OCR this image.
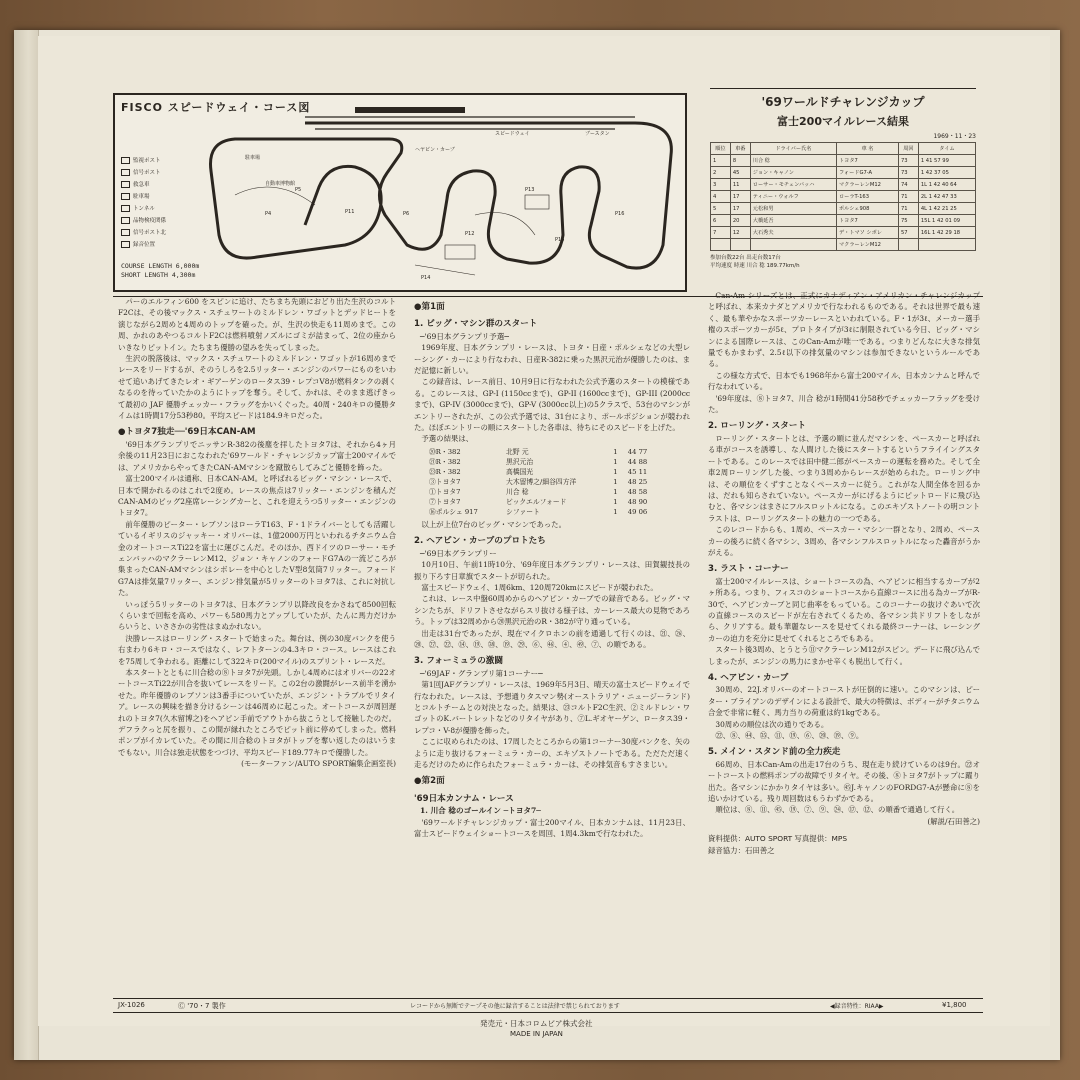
P14
P13
P15
P11	P16
P12
P4
P5
P6
スピードウェイ	ブースタン
ヘヤピン・カーブ
駐車場
自動車博物館
FISCO スピードウェイ・コース図
監視ポスト
信号ポスト
救急車
駐車場
トンネル
品物検疫関係
信号ポスト北
録音位置
COURSE LENGTH 6,000m
SHORT LENGTH 4,300m
'69ワールドチャレンジカップ
富士200マイルレース結果
1969・11・23
順位	車番	ドライバー氏名	車 名	周回	タイム
1	8	川合 稔	トヨタ7	73	1 41 57 99
2	45	ジョン・キャノン	フォードG7-A	73	1 42 37 05
3	11	ローサー・モチェンバッハ	マクラーレンM12	74	1L 1 42 40 64
4	17	ティニー・ウォルフ	ローラT-163	71	2L 1 42 47 33
5	17	元松和男	ポルシェ908	71	4L 1 42 21 25
6	20	大橋延吾	トヨタ7	75	15L 1 42 01 09
7	12	大石秀夫	デ・トマソ シボレ	57	16L 1 42 29 18
			マクラーレンM12		
参加台数22台 出走台数17台
平均速度 時速 川合 稔 189.77km/h

パーのエルフィン600 をスピンに追け、たちまち先頭におどり出た生沢のコルトF2Cは、その後マックス・スチュワートのミルドレン・ワゴットとデッドヒートを演じながら2周めと4周めのトップを確った。が、生沢の快走も11周めまで。この周、かれのあやつるコルトF2Cは燃料噴射ノズルにゴミが詰まって、2位の座からいきなりピットイン。たちまち優勝の望みを失ってしまった。

生沢の脱落後は、マックス・スチュワートのミルドレン・ワゴットが16周めまでレースをリードするが、そのうしろを2.5リッター・エンジンのパワーにものをいわせて追いあげてきたレオ・ギアーゲンのロータス39・レプコV8が燃料タンクの剥くなるのを待っていたかのようにトップを奪う。そして、かれは、そのまま逃げきって最初の JAF 優勝チェッカー・フラッグをかいくぐった。40周・240キロの優勝タイムは1時間17分53秒80。平均スピードは184.9キロだった。

●トヨタ7独走──'69日本CAN-AM

'69日本グランプリでニッサンR-382の後塵を拝したトヨタ7は、それから4ヶ月余後の11月23日におこなわれた'69ワールド・チャレンジカップ富士200マイルでは、アメリカからやってきたCAN-AMマシンを蹴散らしてみごと優勝を飾った。

富士200マイルは通称、日本CAN-AM。と呼ばれるビッグ・マシン・レースで、日本で開かれるのはこれで2度め。レースの焦点は7リッター・エンジンを積んだCAN-AMのビッグ2座席レーシングカーと、これを迎えうつ5リッター・エンジンのトヨタ7。

前年優勝のピーター・レブソンはローラT163、F・1ドライバーとしても活躍しているイギリスのジャッキー・オリバーは、1億2000万円といわれるチタニウム合金のオートコースTi22を富士に運びこんだ。そのほか、西ドイツのローサー・モチェンバッハのマクラーレンM12、ジョン・キャノンのフォードG7Aの一流どころが集まったCAN-AMマシンはシボレーを中心としたV型8気筒7リッター。フォードG7Aは排気量7リッター、エンジン排気量が5リッターのトヨタ7は、これに対抗した。

いっぽう5リッターのトヨタ7は、日本グランプリ以降改良をかさねて8500回転くらいまで回転を高め、パワーも580馬力とアップしていたが、たんに馬力だけからいうと、いささかの劣性はまぬかれない。

決勝レースはローリング・スタートで始まった。舞台は、例の30度バンクを使う右まわり6キロ・コースではなく、レフトターンの4.3キロ・コース。レースはこれを75周して争われる。距離にして322キロ(200マイル)のスプリント・レースだ。

本スタートとともに川合稔の⑧トヨタ7が先頭。しかし4周めにはオリバーの22オートコースTi22が川合を抜いてレースをリード。この2台の激闘がレース前半を湧かせた。昨年優勝のレブソンは3番手についていたが、エンジン・トラブルでリタイア。レースの興味を描き分けるシーンは46周めに起こった。オートコースが周回遅れのトヨタ7(久木留博之)をヘアピン手前でアウトから抜こうとして接触したのだ。デフラクっと尻を振り、この間が縁れたところでピット前に停めてしまった。燃料ポンプがイカレていた。その間に川合稔のトヨタがトップを奪い返したのはいうまでもない。川合は独走状態をつづけ、平均スピード189.77キロで優勝した。

(モーターファン/AUTO SPORT編集企画室長)

●第1面

1. ビッグ・マシン群のスタート

─'69日本グランプリ予選─

1969年度、日本グランプリ・レースは、トヨタ・日産・ポルシェなどの大型レーシング・カーにより行なわれ、日産R-382に乗った黒沢元治が優勝したのは、まだ記憶に新しい。

この録音は、レース前日、10月9日に行なわれた公式予選のスタートの模様である。このレースは、GP-I (1150ccまで)、GP-II (1600ccまで)、GP-III (2000ccまで)、GP-IV (3000ccまで)、GP-V (3000cc以上)の5クラスで、53台のマシンがエントリーされたが、この公式予選では、31台により、ポールポジションが競われた。ほぼエントリーの順にスタートした各車は、待ちにそのスピードを上げた。

予選の結果は、

⑳R・382	北野 元	1	44 77
㉑R・382	黒沢元治	1	44 88
㉓R・382	高橋国光	1	45 11
③トヨタ7	大木留博之/細谷四方洋	1	48 25
①トヨタ7	川合 稔	1	48 58
⑦トヨタ7	ビックエルフォード	1	48 90
⑯ポルシェ 917	シファート	1	49 06

以上が上位7台のビッグ・マシンであった。

2. ヘアピン・カーブのプロトたち

─'69日本グランプリー

10月10日、午前11時10分、'69年度日本グランプリ・レースは、田賀観技長の振り下ろす日章旗でスタートが切られた。

富士スピードウェイ、1周6km、120周720kmにスピードが競われた。

これは、レース中盤60周めからのヘアピン・カーブでの録音である。ビッグ・マシンたちが、ドリフトさせながらスリ抜ける様子は、カーレース最大の見物であろう。トップは32周めから⑳黒沢元治のR・382が守り通っている。

出走は31台であったが、現在マイクロホンの前を通過して行くのは、㉑、㉖、⑳、㉗、㉒、⑭、⑲、㊳、⑲、㉙、⑥、㊻、④、㊾、⑦、の順である。

3. フォーミュラの激闘

─'69JAF・グランプリ第1コーナー─

第1回JAFグランプリ・レースは、1969年5月3日、晴天の富士スピードウェイで行なわれた。レースは、予想通りタスマン勢(オーストラリア・ニュージーランド)とコルトチームとの対決となった。結果は、㉓コルトF2C生沢、②ミルドレン・ワゴットのK.バートレットなどのリタイヤがあり、⑦L.ギオヤーゲン、ロータス39・レプコ・V-8が優勝を飾った。

ここに収められたのは、17周したところからの第1コーナー30度バンクを、矢のように走り抜けるフォーミュラ・カーの、エキゾストノートである。ただただ速く走るだけのために作られたフォーミュラ・カーは、その排気音もすさまじい。

●第2面

'69日本カンナム・レース

1. 川合 稔のゴールイン ─トヨタ7─

'69ワールドチャレンジカップ・富士200マイル、日本カンナムは、11月23日、富士スピードウェイショートコースを周回、1周4.3kmで行なわれた。

Can-Am シリーズとは、正式にカナディアン・アメリカン・チャレンジカップと呼ばれ、本来カナダとアメリカで行なわれるものである。それは世界で最も速く、最も華やかなスポーツカーレースといわれている。F・1が3ℓ、メーカー選手権のスポーツカーが5ℓ、プロトタイプが3ℓに制限されている今日、ビッグ・マシンによる国際レースは、このCan-Amが唯一である。つまりどんなに大きな排気量でもかまわず、2.5ℓ以下の排気量のマシンは参加できないというルールである。

この様な方式で、日本でも1968年から富士200マイル、日本カンナムと呼んで行なわれている。

'69年度は、⑧トヨタ7、川合 稔が1時間41分58秒でチェッカーフラッグを受けた。

2. ローリング・スタート

ローリング・スタートとは、予選の順に並んだマシンを、ペースカーと呼ばれる車がコースを誘導し、な人間けした後にスタートするというフライイングスタートである。このレースでは田中健二郎がペースカーの運転を務めた。そして全車2周ローリングした後、つまり3周めからレースが始められた。ローリング中は、その順位をくずすことなくペースカーに従う。これがな人間全体を回るかは、だれも知らされていない。ペースカーがにげるようにピットロードに飛び込むと、各マシンはまさにフルスロットルになる。このエキゾストノートの明コントラストは、ローリングスタートの魅力の一つである。

このレコードからも、1周め、ペースカー・マシン一群となり、2周め、ペースカーの後ろに続く各マシン、3周め、各マシンフルスロットルになった轟音がうかがえる。

3. ラスト・コーナー

富士200マイルレースは、ショートコースの為、ヘアピンに相当するカーブが2ヶ所ある。つまり、フィスコのショートコースから直線コースに出る為カーブがR-30で、ヘアピンカーブと同じ曲率をもっている。このコーナーの抜けぐあいで次の直線コースのスピードが左右されてくるため、各マシン共ドリフトをしながら、クリアする。最も華麗なレースを見せてくれる最終コーナーは、レーシングカーの迫力を充分に見せてくれるところでもある。

スタート後3周め、とうとう⑪マクラーレンM12がスピン。デードに飛び込んでしまったが、エンジンの馬力にまかせ辛くも脱出して行く。

4. ヘアピン・カーブ

30周め、22J.オリバーのオートコーストが圧倒的に速い。このマシンは、ピーター・ブライアンのデザインによる設計で、最大の特徴は、ボディーがチタニウム合金で非常に軽く、馬力当りの荷重は約1kgである。

30周めの順位は次の通りである。

㉒、⑧、㊹、㉟、⑪、⑲、⑥、⑳、⑲、⑨。

5. メイン・スタンド前の全力疾走

66周め、日本Can-Amの出走17台のうち、現在走り続けているのは9台。㉒オートコーストの燃料ポンプの故障でリタイヤ。その後、⑧トヨタ7がトップに躍り出た。各マシンにかかりタイヤは多い。㊺J.キャノンのFORDG7-Aが懸命に⑧を追いかけている。残り周回数はもうわずかである。

順位は、⑧、⑪、㊺、⑲、⑦、⑨、㉔、⑰、⑫、の順番で通過して行く。

(解説/石田善之)

資料提供：AUTO SPORT 写真提供：MPS

録音協力：石田善之

JX-1026	Ⓒ '70・7 製作	レコードから無断でテープその他に録音することは法律で禁じられております	◀録音特性：RIAA▶	¥1,800
発売元・日本コロムビア株式会社
MADE IN JAPAN
